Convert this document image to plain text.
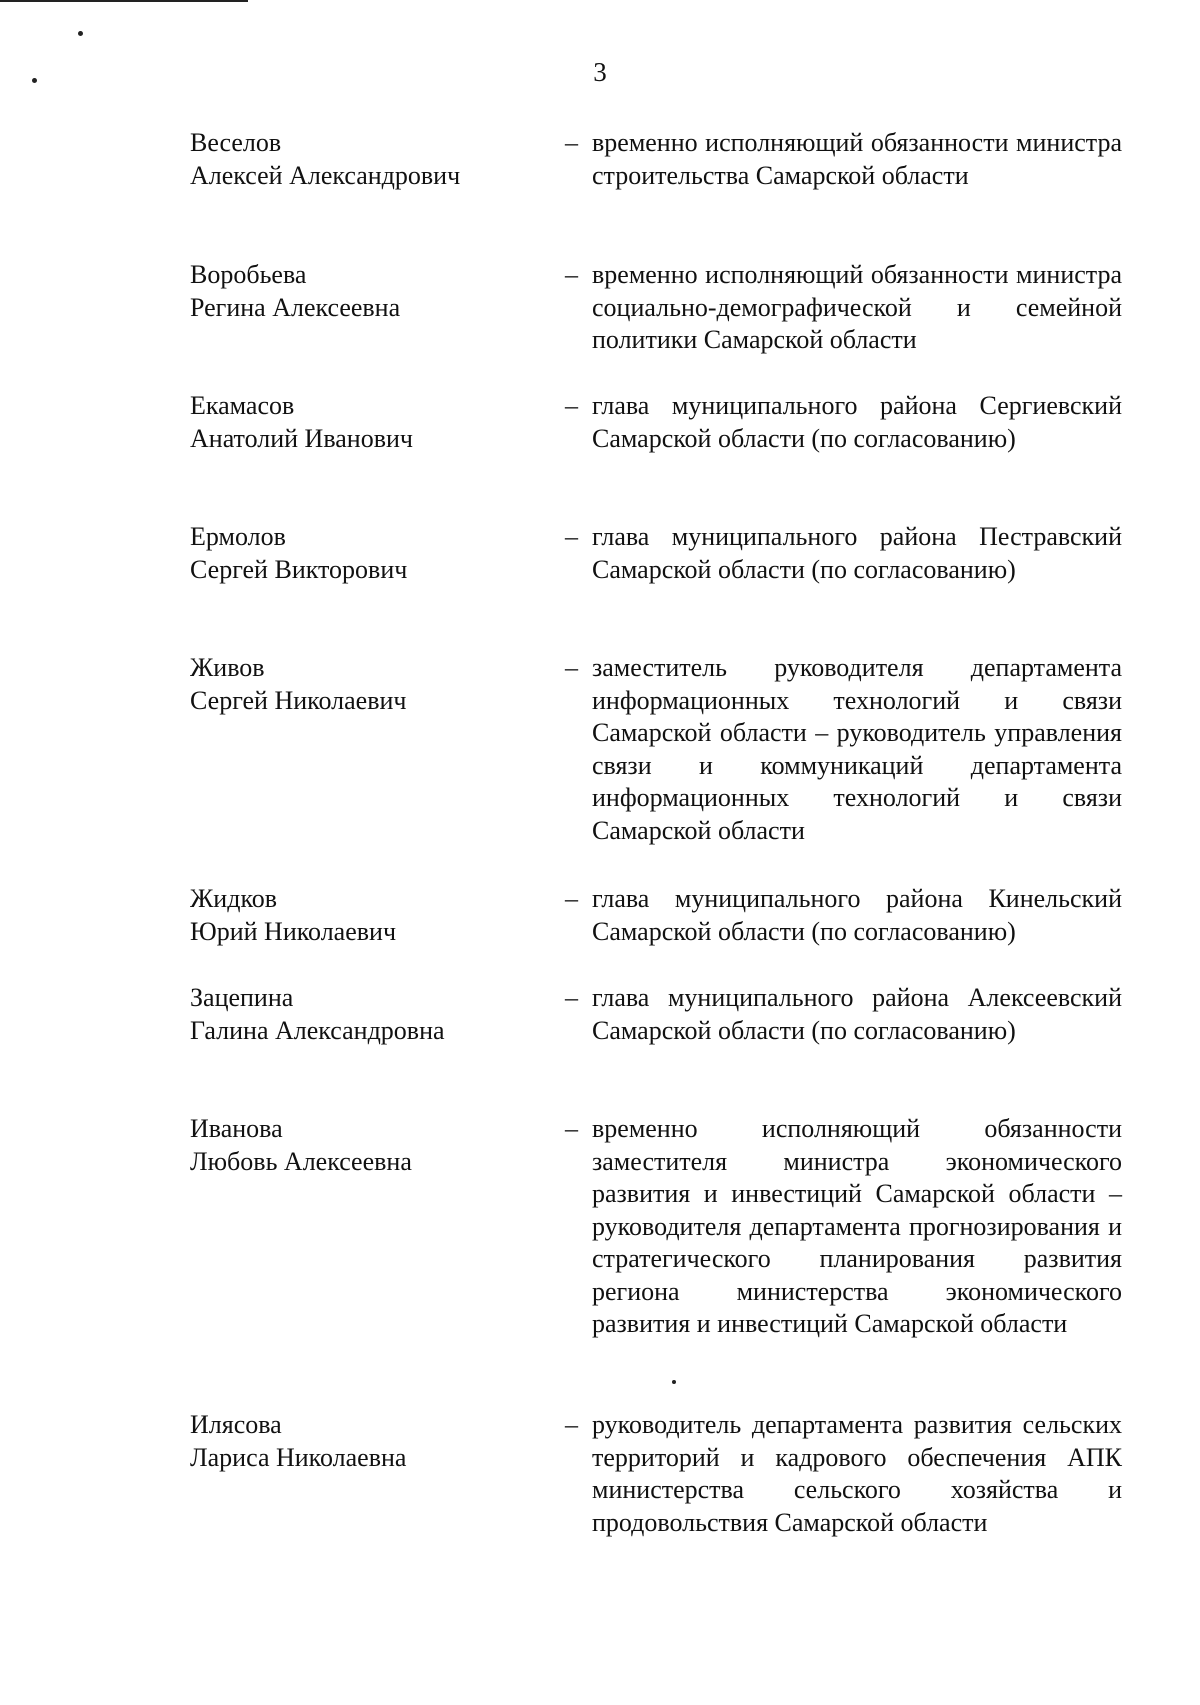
3
Веселов
Алексей Александрович
– временно исполняющий обязанности министра строительства Самарской области
Воробьева
Регина Алексеевна
– временно исполняющий обязанности министра социально-демографической и семейной политики Самарской области
Екамасов
Анатолий Иванович
– глава муниципального района Сергиевский Самарской области (по согласованию)
Ермолов
Сергей Викторович
– глава муниципального района Пестравский Самарской области (по согласованию)
Живов
Сергей Николаевич
– заместитель руководителя департамента информационных технологий и связи Самарской области – руководитель управления связи и коммуникаций департамента информационных технологий и связи Самарской области
Жидков
Юрий Николаевич
– глава муниципального района Кинельский Самарской области (по согласованию)
Зацепина
Галина Александровна
– глава муниципального района Алексеевский Самарской области (по согласованию)
Иванова
Любовь Алексеевна
– временно исполняющий обязанности заместителя министра экономического развития и инвестиций Самарской области – руководителя департамента прогнозирования и стратегического планирования развития региона министерства экономического развития и инвестиций Самарской области
Илясова
Лариса Николаевна
– руководитель департамента развития сельских территорий и кадрового обеспечения АПК министерства сельского хозяйства и продовольствия Самарской области
